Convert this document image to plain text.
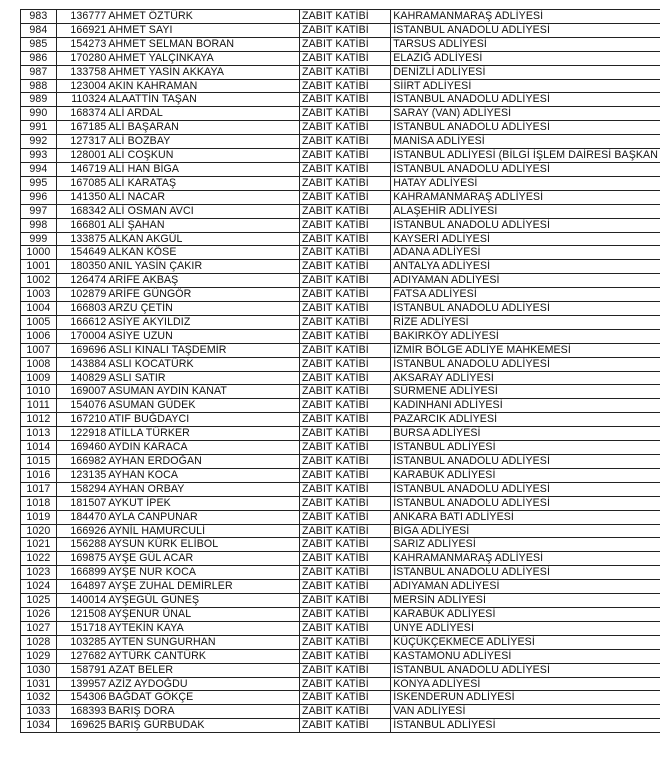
983	136777	AHMET ÖZTÜRK	ZABIT KATİBİ	KAHRAMANMARAŞ ADLİYESİ
984	166921	AHMET SAYI	ZABIT KATİBİ	İSTANBUL ANADOLU ADLİYESİ
985	154273	AHMET SELMAN BORAN	ZABIT KATİBİ	TARSUS ADLİYESİ
986	170280	AHMET YALÇINKAYA	ZABIT KATİBİ	ELAZIĞ ADLİYESİ
987	133758	AHMET YASİN AKKAYA	ZABIT KATİBİ	DENİZLİ ADLİYESİ
988	123004	AKIN KAHRAMAN	ZABIT KATİBİ	SİİRT ADLİYESİ
989	110324	ALAATTİN TAŞAN	ZABIT KATİBİ	İSTANBUL ANADOLU ADLİYESİ
990	168374	ALİ ARDAL	ZABIT KATİBİ	SARAY (VAN) ADLİYESİ
991	167185	ALİ BAŞARAN	ZABIT KATİBİ	İSTANBUL ANADOLU ADLİYESİ
992	127317	ALİ BOZBAY	ZABIT KATİBİ	MANİSA ADLİYESİ
993	128001	ALİ COŞKUN	ZABIT KATİBİ	İSTANBUL ADLİYESİ (BİLGİ İŞLEM DAİRESİ BAŞKAN
994	146719	ALİ HAN BİGA	ZABIT KATİBİ	İSTANBUL ANADOLU ADLİYESİ
995	167085	ALİ KARATAŞ	ZABIT KATİBİ	HATAY ADLİYESİ
996	141350	ALİ NACAR	ZABIT KATİBİ	KAHRAMANMARAŞ ADLİYESİ
997	168342	ALİ OSMAN AVCI	ZABIT KATİBİ	ALAŞEHİR ADLİYESİ
998	166801	ALİ ŞAHAN	ZABIT KATİBİ	İSTANBUL ANADOLU ADLİYESİ
999	133875	ALKAN AKGÜL	ZABIT KATİBİ	KAYSERİ ADLİYESİ
1000	154649	ALKAN KÖSE	ZABIT KATİBİ	ADANA ADLİYESİ
1001	180350	ANIL YASİN ÇAKIR	ZABIT KATİBİ	ANTALYA ADLİYESİ
1002	126474	ARİFE AKBAŞ	ZABIT KATİBİ	ADIYAMAN ADLİYESİ
1003	102879	ARİFE GÜNGÖR	ZABIT KATİBİ	FATSA ADLİYESİ
1004	166803	ARZU ÇETİN	ZABIT KATİBİ	İSTANBUL ANADOLU ADLİYESİ
1005	166612	ASİYE AKYILDIZ	ZABIT KATİBİ	RİZE ADLİYESİ
1006	170004	ASİYE UZUN	ZABIT KATİBİ	BAKIRKÖY ADLİYESİ
1007	169696	ASLI KINALI TAŞDEMİR	ZABIT KATİBİ	İZMİR BÖLGE ADLİYE MAHKEMESİ
1008	143884	ASLI KOCATÜRK	ZABIT KATİBİ	İSTANBUL ANADOLU ADLİYESİ
1009	140829	ASLI SATIR	ZABIT KATİBİ	AKSARAY ADLİYESİ
1010	169007	ASUMAN AYDIN KANAT	ZABIT KATİBİ	SÜRMENE ADLİYESİ
1011	154076	ASUMAN GÜDEK	ZABIT KATİBİ	KADINHANI ADLİYESİ
1012	167210	ATIF BUĞDAYCI	ZABIT KATİBİ	PAZARCIK ADLİYESİ
1013	122918	ATİLLA TÜRKER	ZABIT KATİBİ	BURSA ADLİYESİ
1014	169460	AYDIN KARACA	ZABIT KATİBİ	İSTANBUL ADLİYESİ
1015	166982	AYHAN ERDOĞAN	ZABIT KATİBİ	İSTANBUL ANADOLU ADLİYESİ
1016	123135	AYHAN KOCA	ZABIT KATİBİ	KARABÜK ADLİYESİ
1017	158294	AYHAN ORBAY	ZABIT KATİBİ	İSTANBUL ANADOLU ADLİYESİ
1018	181507	AYKUT İPEK	ZABIT KATİBİ	İSTANBUL ANADOLU ADLİYESİ
1019	184470	AYLA CANPUNAR	ZABIT KATİBİ	ANKARA BATI ADLİYESİ
1020	166926	AYNİL HAMURCULİ	ZABIT KATİBİ	BİGA ADLİYESİ
1021	156288	AYSUN KÜRK ELİBOL	ZABIT KATİBİ	SARIZ ADLİYESİ
1022	169875	AYŞE GÜL ACAR	ZABIT KATİBİ	KAHRAMANMARAŞ ADLİYESİ
1023	166899	AYŞE NUR KOCA	ZABIT KATİBİ	İSTANBUL ANADOLU ADLİYESİ
1024	164897	AYŞE ZUHAL DEMİRLER	ZABIT KATİBİ	ADIYAMAN ADLİYESİ
1025	140014	AYŞEGÜL GÜNEŞ	ZABIT KATİBİ	MERSİN ADLİYESİ
1026	121508	AYŞENUR ÜNAL	ZABIT KATİBİ	KARABÜK ADLİYESİ
1027	151718	AYTEKİN KAYA	ZABIT KATİBİ	ÜNYE ADLİYESİ
1028	103285	AYTEN SUNGURHAN	ZABIT KATİBİ	KÜÇÜKÇEKMECE ADLİYESİ
1029	127682	AYTÜRK CANTÜRK	ZABIT KATİBİ	KASTAMONU ADLİYESİ
1030	158791	AZAT BELER	ZABIT KATİBİ	İSTANBUL ANADOLU ADLİYESİ
1031	139957	AZİZ AYDOĞDU	ZABIT KATİBİ	KONYA ADLİYESİ
1032	154306	BAĞDAT GÖKÇE	ZABIT KATİBİ	İSKENDERUN ADLİYESİ
1033	168393	BARIŞ DORA	ZABIT KATİBİ	VAN ADLİYESİ
1034	169625	BARIŞ GÜRBUDAK	ZABIT KATİBİ	İSTANBUL ADLİYESİ
